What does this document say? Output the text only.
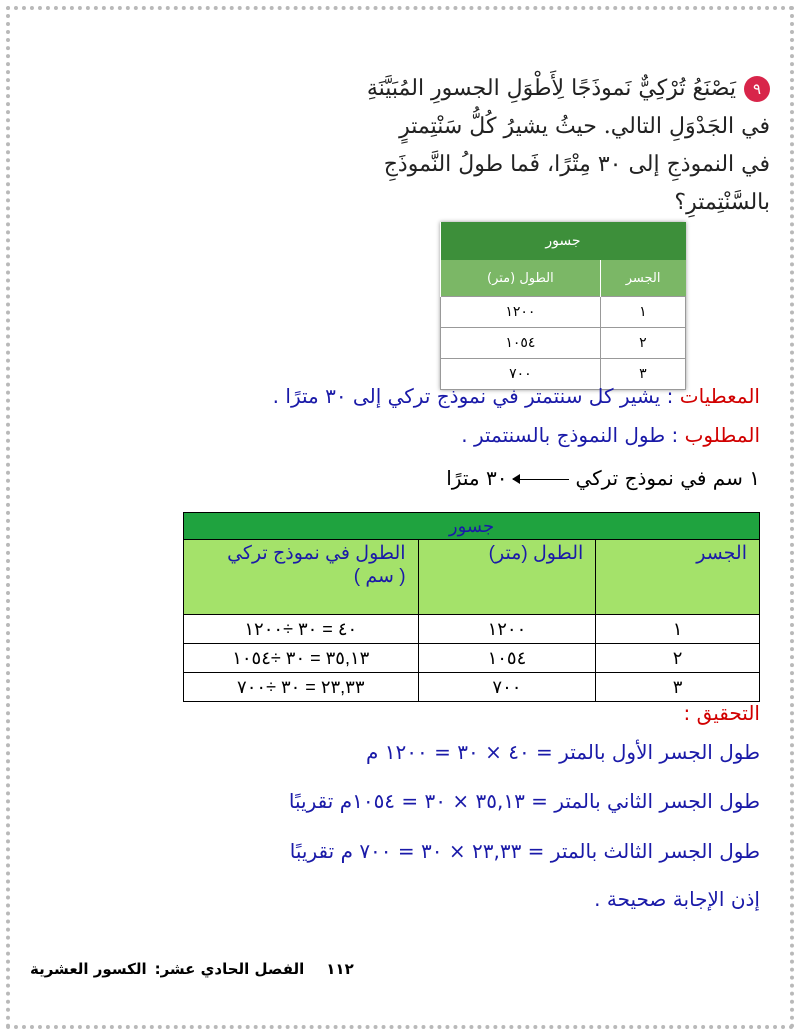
٩يَصْنَعُ تُرْكِيٌّ نَموذَجًا لِأَطْوَلِ الجسورِ المُبَيَّنَةِ
في الجَدْوَلِ التالي. حيثُ يشيرُ كُلُّ سَنْتِمترٍ
في النموذجِ إلى ٣٠ مِتْرًا، فَما طولُ النَّموذَجِ
بالسَّنْتِمترِ؟
جسور	
الجسر	الطول (متر)
١	١٢٠٠
٢	١٠٥٤
٣	٧٠٠
المعطيات : يشير كل سنتمتر في نموذج تركي إلى ٣٠ مترًا .
المطلوب : طول النموذج بالسنتمتر .
١ سم في نموذج تركي٣٠ مترًا
جسور		
الجسر	الطول (متر)	الطول في نموذج تركي
( سم )
١	١٢٠٠	٤٠ = ٣٠ ÷١٢٠٠
٢	١٠٥٤	٣٥,١٣ = ٣٠ ÷١٠٥٤
٣	٧٠٠	٢٣,٣٣ = ٣٠ ÷٧٠٠
التحقيق :
طول الجسر الأول بالمتر = ٤٠ × ٣٠ = ١٢٠٠ م
طول الجسر الثاني بالمتر = ٣٥,١٣ × ٣٠ = ١٠٥٤م تقريبًا
طول الجسر الثالث بالمتر = ٢٣,٣٣ × ٣٠ = ٧٠٠ م تقريبًا
إذن الإجابة صحيحة .
١١٢الفصل الحادي عشر:الكسور العشرية
